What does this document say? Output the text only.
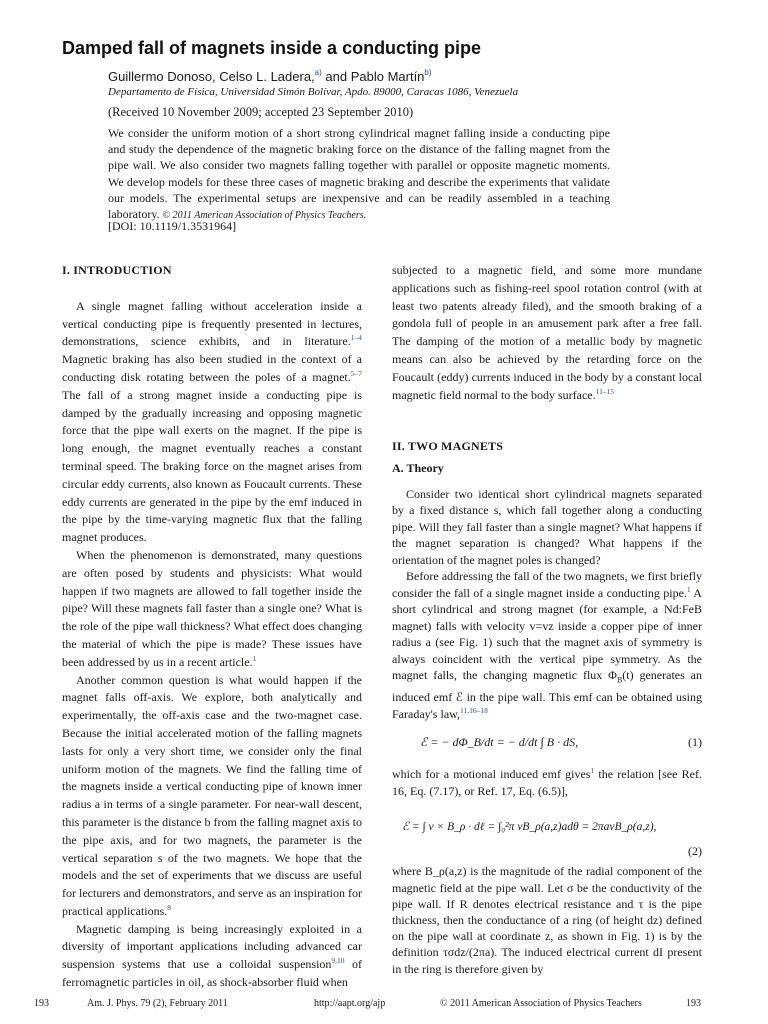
Damped fall of magnets inside a conducting pipe
Guillermo Donoso, Celso L. Ladera,$^{a)}$ and Pablo Martín$^{b)}$
Departamento de Física, Universidad Simón Bolívar, Apdo. 89000, Caracas 1086, Venezuela
(Received 10 November 2009; accepted 23 September 2010)
We consider the uniform motion of a short strong cylindrical magnet falling inside a conducting pipe and study the dependence of the magnetic braking force on the distance of the falling magnet from the pipe wall. We also consider two magnets falling together with parallel or opposite magnetic moments. We develop models for these three cases of magnetic braking and describe the experiments that validate our models. The experimental setups are inexpensive and can be readily assembled in a teaching laboratory. © 2011 American Association of Physics Teachers.
[DOI: 10.1119/1.3531964]
I. INTRODUCTION

A single magnet falling without acceleration inside a vertical conducting pipe is frequently presented in lectures, demonstrations, science exhibits, and in literature.$^{1-4}$ Magnetic braking has also been studied in the context of a conducting disk rotating between the poles of a magnet.$^{5-7}$ The fall of a strong magnet inside a conducting pipe is damped by the gradually increasing and opposing magnetic force that the pipe wall exerts on the magnet. If the pipe is long enough, the magnet eventually reaches a constant terminal speed. The braking force on the magnet arises from circular eddy currents, also known as Foucault currents. These eddy currents are generated in the pipe by the emf induced in the pipe by the time-varying magnetic flux that the falling magnet produces.

When the phenomenon is demonstrated, many questions are often posed by students and physicists: What would happen if two magnets are allowed to fall together inside the pipe? Will these magnets fall faster than a single one? What is the role of the pipe wall thickness? What effect does changing the material of which the pipe is made? These issues have been addressed by us in a recent article.$^1$

Another common question is what would happen if the magnet falls off-axis. We explore, both analytically and experimentally, the off-axis case and the two-magnet case. Because the initial accelerated motion of the falling magnets lasts for only a very short time, we consider only the final uniform motion of the magnets. We find the falling time of the magnets inside a vertical conducting pipe of known inner radius a in terms of a single parameter. For near-wall descent, this parameter is the distance b from the falling magnet axis to the pipe axis, and for two magnets, the parameter is the vertical separation s of the two magnets. We hope that the models and the set of experiments that we discuss are useful for lecturers and demonstrators, and serve as an inspiration for practical applications.$^8$

Magnetic damping is being increasingly exploited in a diversity of important applications including advanced car suspension systems that use a colloidal suspension$^{9,10}$ of ferromagnetic particles in oil, as shock-absorber fluid when

subjected to a magnetic field, and some more mundane applications such as fishing-reel spool rotation control (with at least two patents already filed), and the smooth braking of a gondola full of people in an amusement park after a free fall. The damping of the motion of a metallic body by magnetic means can also be achieved by the retarding force on the Foucault (eddy) currents induced in the body by a constant local magnetic field normal to the body surface.$^{11-15}$

II. TWO MAGNETS
A. Theory

Consider two identical short cylindrical magnets separated by a fixed distance s, which fall together along a conducting pipe. Will they fall faster than a single magnet? What happens if the magnet separation is changed? What happens if the orientation of the magnet poles is changed?

Before addressing the fall of the two magnets, we first briefly consider the fall of a single magnet inside a conducting pipe.$^1$ A short cylindrical and strong magnet (for example, a Nd:FeB magnet) falls with velocity v=vz inside a copper pipe of inner radius a (see Fig. 1) such that the magnet axis of symmetry is always coincident with the vertical pipe symmetry. As the magnet falls, the changing magnetic flux $\Phi_B(t)$ generates an induced emf ℰ in the pipe wall. This emf can be obtained using Faraday's law,$^{11,16-18}$

ℰ = − dΦ_B/dt = − d/dt ∫ B · dS,	(1)

which for a motional induced emf gives$^1$ the relation [see Ref. 16, Eq. (7.17), or Ref. 17, Eq. (6.5)],

ℰ = ∫ v × B_ρ · dℓ = ∫₀²π vB_ρ(a,z)adθ = 2πavB_ρ(a,z),
(2)

where B_ρ(a,z) is the magnitude of the radial component of the magnetic field at the pipe wall. Let σ be the conductivity of the pipe wall. If R denotes electrical resistance and τ is the pipe thickness, then the conductance of a ring (of height dz) defined on the pipe wall at coordinate z, as shown in Fig. 1) is by the definition τσdz/(2πa). The induced electrical current dI present in the ring is therefore given by

193	Am. J. Phys. 79 (2), February 2011	http://aapt.org/ajp	© 2011 American Association of Physics Teachers	193
